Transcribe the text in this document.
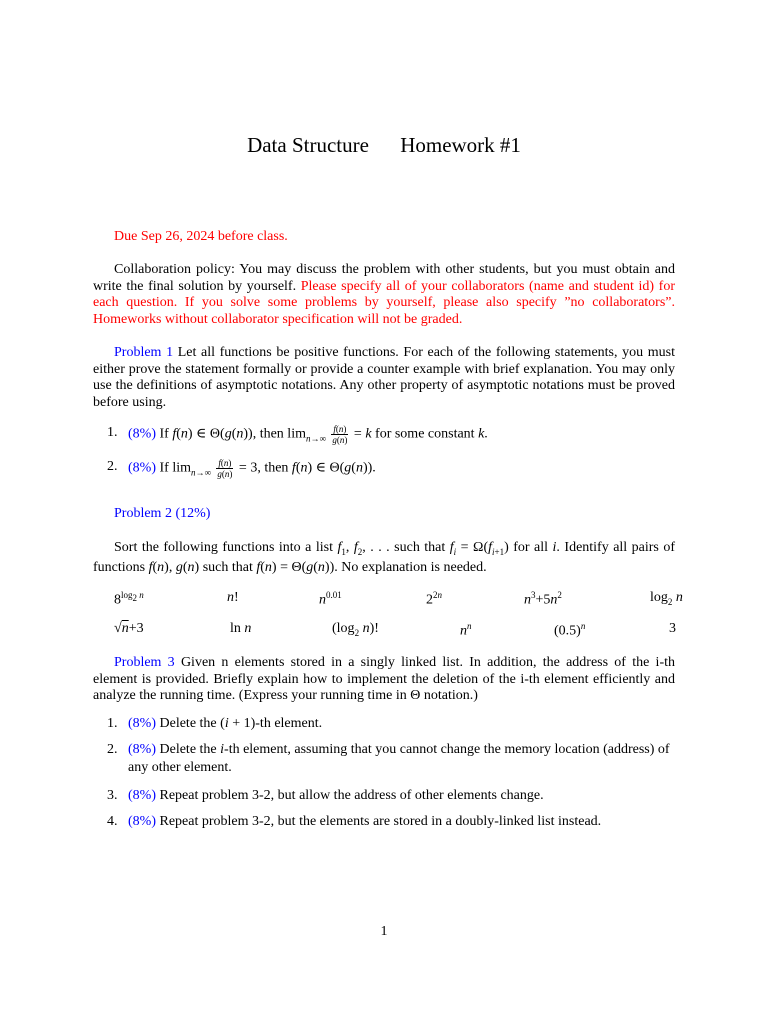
Data Structure Homework #1
Due Sep 26, 2024 before class.
Collaboration policy: You may discuss the problem with other students, but you must obtain and write the final solution by yourself. Please specify all of your collaborators (name and student id) for each question. If you solve some problems by yourself, please also specify ”no collaborators”. Homeworks without collaborator specification will not be graded.
Problem 1 Let all functions be positive functions. For each of the following statements, you must either prove the statement formally or provide a counter example with brief explanation. You may only use the definitions of asymptotic notations. Any other property of asymptotic notations must be proved before using.
1. (8%) If f(n) ∈ Θ(g(n)), then $\lim_{n\to\infty} \frac{f(n)}{g(n)} = k$ for some constant k.
2. (8%) If $\lim_{n\to\infty} \frac{f(n)}{g(n)} = 3$, then f(n) ∈ Θ(g(n)).
Problem 2 (12%)
Sort the following functions into a list $f_1$, $f_2$, . . . such that $f_i = \Omega(f_{i+1})$ for all i. Identify all pairs of functions f(n), g(n) such that f(n) = Θ(g(n)). No explanation is needed.
$8^{log_2 n}$	n!	$n^{0.01}$	$2^{2n}$	$n^3+5n^2$	$\log_2 n$
√n+3	ln n	($\log_2$ n)!	$n^n$	$(0.5)^n$	3
Problem 3 Given n elements stored in a singly linked list. In addition, the address of the i-th element is provided. Briefly explain how to implement the deletion of the i-th element efficiently and analyze the running time. (Express your running time in Θ notation.)
1. (8%) Delete the (i + 1)-th element.
2. (8%) Delete the i-th element, assuming that you cannot change the memory location (address) of any other element.
3. (8%) Repeat problem 3-2, but allow the address of other elements change.
4. (8%) Repeat problem 3-2, but the elements are stored in a doubly-linked list instead.
1
